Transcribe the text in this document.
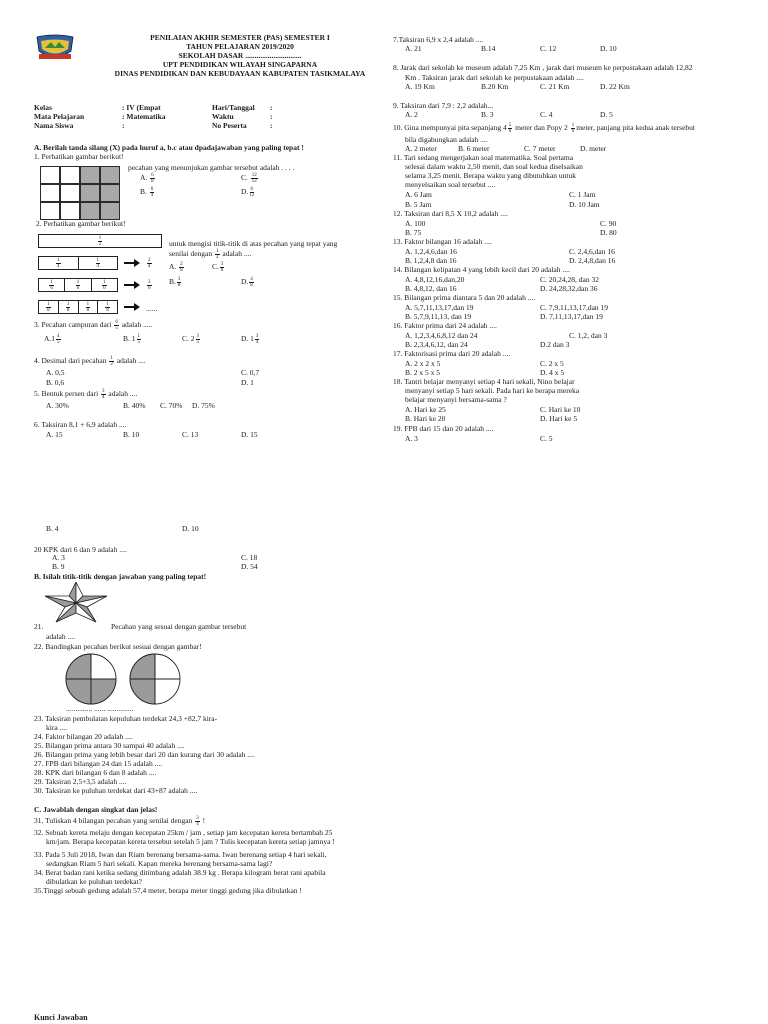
PENILAIAN AKHIR SEMESTER (PAS) SEMESTER I
TAHUN PELAJARAN 2019/2020
SEKOLAH DASAR ..............................
UPT PENDIDIKAN WILAYAH SINGAPARNA
DINAS PENDIDIKAN DAN KEBUDAYAAN KABUPATEN TASIKMALAYA
Kelas	: IV (Empat	Hari/Tanggal :
Mata Pelajaran	: Matematika	Waktu	:
Nama Siswa	:	No Peserta	:
A. Berilah tanda silang (X) pada huruf a, b.c atau dpadajawaban yang paling tepat !
1. Perhatikan gambar berikut!
pecahan yang menunjukan gambar tersebut adalah . . . .
A. $\frac{6}{8}$
B. $\frac{6}{4}$
C. $\frac{12}{12}$
D. $\frac{6}{12}$
2. Perhatikan gambar berikut!
$\frac{1}{2}$
$\frac{1}{4}$	$\frac{1}{4}$
$\frac{1}{6}$	$\frac{1}{6}$	$\frac{1}{6}$
$\frac{1}{8}$	$\frac{1}{8}$	$\frac{1}{8}$	$\frac{1}{8}$
$\frac{2}{4}$
$\frac{3}{6}$
......
untuk mengisi titik-titik di atas pecahan yang tepat yang
senilai dengan $\frac{1}{2}$ adalah ....
A. $\frac{2}{8}$	C. $\frac{3}{8}$
B. $\frac{3}{8}$	D. $\frac{4}{8}$
3. Pecahan campuran dari $\frac{6}{5}$ adalah .....
$A.1 \frac{4}{5}$	B. $1 \frac{1}{5}$	C. $2 \frac{3}{5}$	D. $1 \frac{3}{4}$
4. Desimal dari pecahan $\frac{1}{2}$ adalah ....
A. 0,5
B. 0,6
C. 0,7
D. 1
5. Bentuk persen dari $\frac{3}{4}$ adalah ....
A. 30%	B. 40% C. 70% D. 75%
6. Taksiran 8,1 + 6,9 adalah ....
A. 15	B. 10	C. 13	D. 15
B. 4	D. 10
20 KPK dari 6 dan 9 adalah ....
A. 3
B. 9
C. 18
D. 54
B. Isilah titik-titik dengan jawaban yang paling tepat!
21.	Pecahan yang sesuai dengan gambar tersebut
adalah ....
22. Bandingkan pecahan berikut sesuai dengan gambar!
.............. ...... ..............
23. Taksiran pembulatan kepuluhan terdekat 24,3 +82,7 kira-
kira ....
24. Faktor bilangan 20 adalah ....
25. Bilangan prima antara 30 sampai 40 adalah ....
26. Bilangan prima yang lebih besar dari 20 dan kurang dari 30 adalah ....
27. FPB dari bilangan 24 dan 15 adalah ....
28. KPK dari bilangan 6 dan 8 adalah ....
29. Taksiran 2,5+3,5 adalah ....
30. Taksiran ke puluhan terdekat dari 43+87 adalah ....
C. Jawablah dengan singkat dan jelas!
31. Tuliskan 4 bilangan pecahan yang senilai dengan $\frac{3}{4}$ !
32. Sebuah kereta melaju dengan kecepatan 25km / jam , setiap jam kecepatan kereta bertambah 25
km/jam. Berapa kecepatan kereta tersebut setelah 5 jam ? Tulis kecepatan kereta setiap jamnya !
33. Pada 5 Juli 2018, Iwan dan Riam berenang bersama-sama. Iwan berenang setiap 4 hari sekali,
sedangkan Riam 5 hari sekali. Kapan mereka berenang bersama-sama lagi?
34. Berat badan rani ketika sedang ditimbang adalah 38.9 kg . Berapa kilogram berat rani apabila
dibulatkan ke puluhan terdekat?
35.Tinggi sebuah gedung adalah 57,4 meter, berapa meter tinggi gedung jika dibulatkan !
Kunci Jawaban
7.Taksiran 6,9 x 2,4 adalah ....
A. 21	B.14	C. 12	D. 10
8. Jarak dari sekolah ke museum adalah 7,25 Km , jarak dari museum ke perpustakaan adalah 12,82
Km . Taksiran jarak dari sekolah ke perpustakaan adalah ....
A. 19 Km	B.20 Km	C. 21 Km	D. 22 Km
9. Taksiran dari 7,9 : 2,2 adalah...
A. 2	B. 3	C. 4	D. 5
10. Gina mempunyai pita sepanjang $4 \frac{5}{6}$ meter dan Popy $2 \frac{1}{6}$ meter, panjang pita kedua anak tersebut
bila digabungkan adalah ....
A. 2 meter	B. 6 meter	C. 7 meter	D. meter
11. Tari sedang mengerjakan soal matematika. Soal pertama
selesai dalam waktu 2,50 menit, dan soal kedua diselsaikan
selama 3,25 menit. Berapa waktu yang dibutuhkan untuk
menyelsaikan soal tersebut ....
A. 6 Jam
B. 5 Jam
C. 1 Jam
D. 10 Jam
12. Taksiran dari 8,5 X 10,2 adalah ....
A. 100
B. 75
C. 90
D. 80
13. Faktor bilangan 16 adalah ....
A. 1,2,4,6,dan 16
B. 1,2,4,8 dan 16
C. 2,4,6,dan 16
D. 2,4,8,dan 16
14. Bilangan kelipatan 4 yang lebih kecil dari 20 adalah ....
A. 4,8,12,16,dan,20
B. 4,8,12, dan 16
C. 20,24,28, dan 32
D. 24,28,32,dan 36
15. Bilangan prima diantara 5 dan 20 adalah ....
A. 5,7,11,13,17,dan 19
B. 5,7,9,11,13, dan 19
C. 7,9,11,13,17,dan 19
D. 7,11,13,17,dan 19
16. Faktor prima dari 24 adalah ....
A. 1,2,3,4,6,8,12 dan 24
B. 2,3,4,6,12, dan 24
C. 1,2, dan 3
D.2 dan 3
17. Faktorisasi prima dari 20 adalah ....
A. 2 x 2 x 5
B. 2 x 5 x 5
C. 2 x 5
D. 4 x 5
18. Tantri belajar menyanyi setiap 4 hari sekali, Nino belajar
menyanyi setiap 5 hari sekali. Pada hari ke berapa mereka
belajar menyanyi bersama-sama ?
A. Hari ke 25
B. Hari ke 20
C. Hari ke 10
D. Hari ke 5
19. FPB dari 15 dan 20 adalah ....
A. 3	C. 5
